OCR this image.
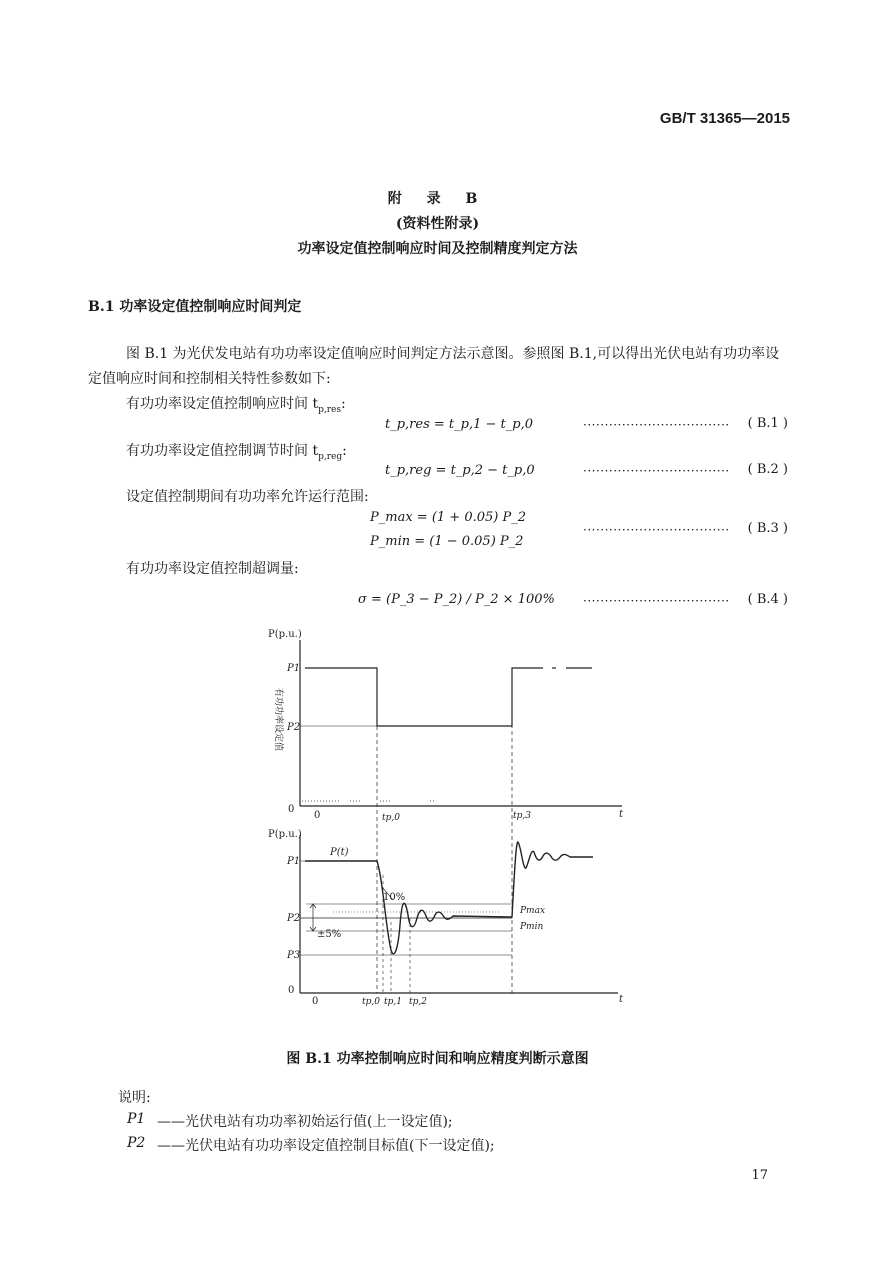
GB/T 31365—2015
附 录 B
(资料性附录)
功率设定值控制响应时间及控制精度判定方法
B.1 功率设定值控制响应时间判定
图 B.1 为光伏发电站有功功率设定值响应时间判定方法示意图。参照图 B.1,可以得出光伏电站有功功率设定值响应时间和控制相关特性参数如下:
有功功率设定值控制响应时间 $t_{p,res}$:
t_p,res = t_p,1 − t_p,0	··································	( B.1 )
有功功率设定值控制调节时间 $t_{p,reg}$:
t_p,reg = t_p,2 − t_p,0	··································	( B.2 )
设定值控制期间有功功率允许运行范围:
P_max = (1 + 0.05) P_2
P_min = (1 − 0.05) P_2
··································	( B.3 )
有功功率设定值控制超调量:
σ = (P_3 − P_2) / P_2 × 100% ··································	( B.4 )
P(p.u.)
P1
P2
0
0	t
tp,0	tp,3
有功功率设定值
P(p.u.)
P(t)
P1
P2
P3
0
0
10%
±5%
Pmax
Pmin
tp,0 tp,1 tp,2	t
图 B.1 功率控制响应时间和响应精度判断示意图
说明:
P1 ——光伏电站有功功率初始运行值(上一设定值);
P2 ——光伏电站有功功率设定值控制目标值(下一设定值);
17
